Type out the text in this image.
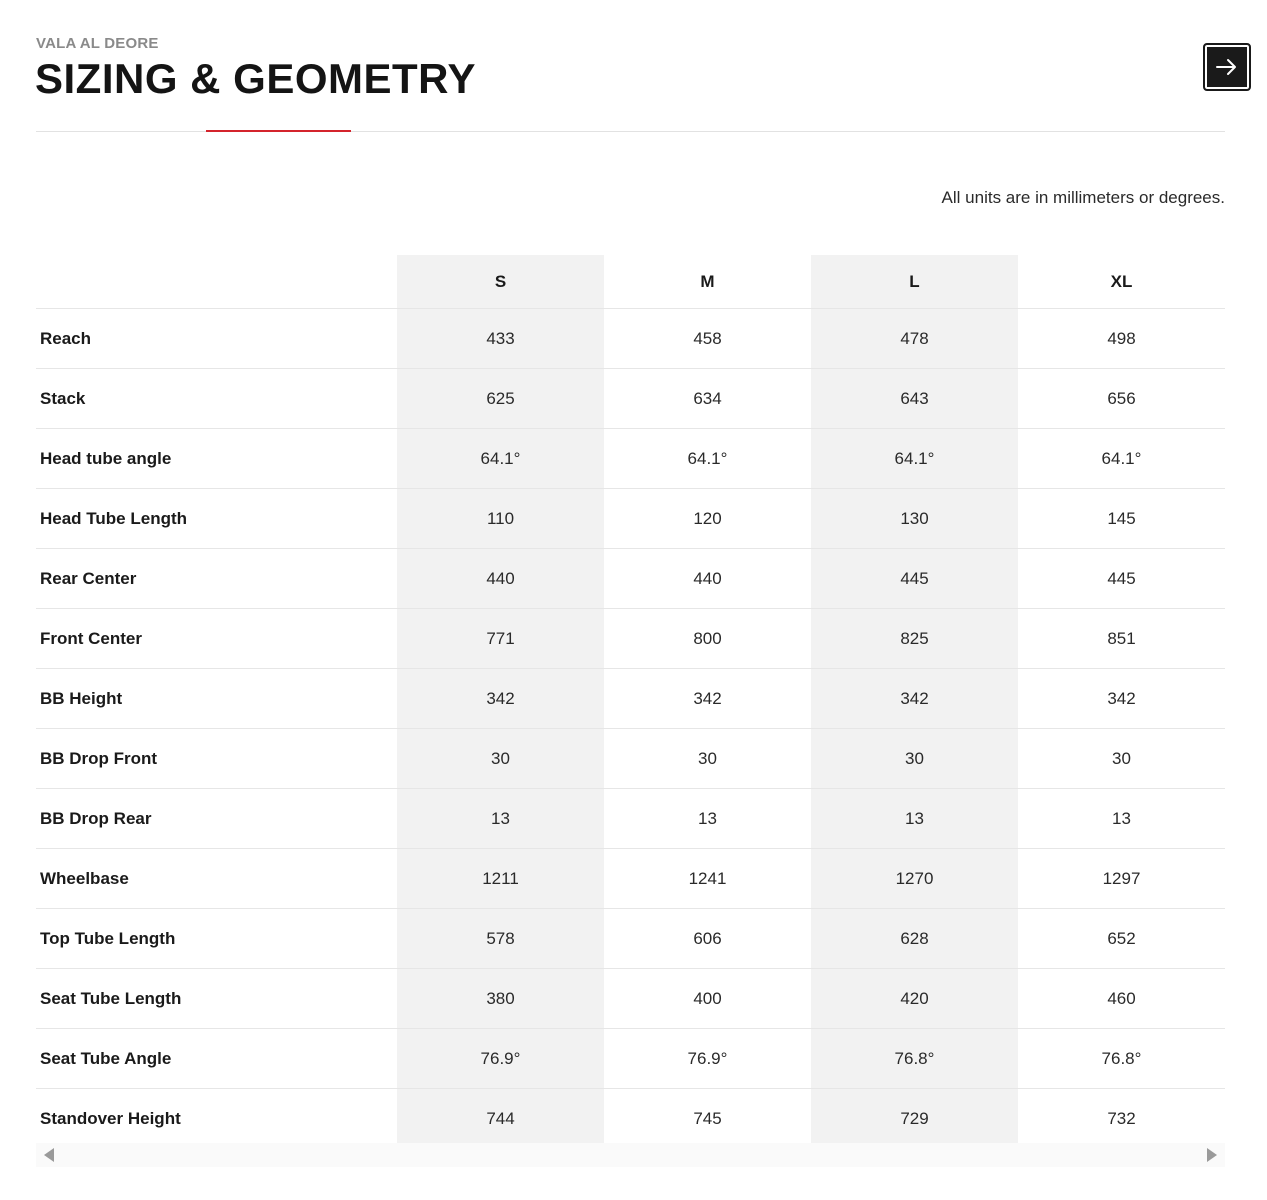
VALA AL DEORE
SIZING & GEOMETRY
All units are in millimeters or degrees.
	S	M	L	XL
Reach	433	458	478	498
Stack	625	634	643	656
Head tube angle	64.1°	64.1°	64.1°	64.1°
Head Tube Length	110	120	130	145
Rear Center	440	440	445	445
Front Center	771	800	825	851
BB Height	342	342	342	342
BB Drop Front	30	30	30	30
BB Drop Rear	13	13	13	13
Wheelbase	1211	1241	1270	1297
Top Tube Length	578	606	628	652
Seat Tube Length	380	400	420	460
Seat Tube Angle	76.9°	76.9°	76.8°	76.8°
Standover Height	744	745	729	732
